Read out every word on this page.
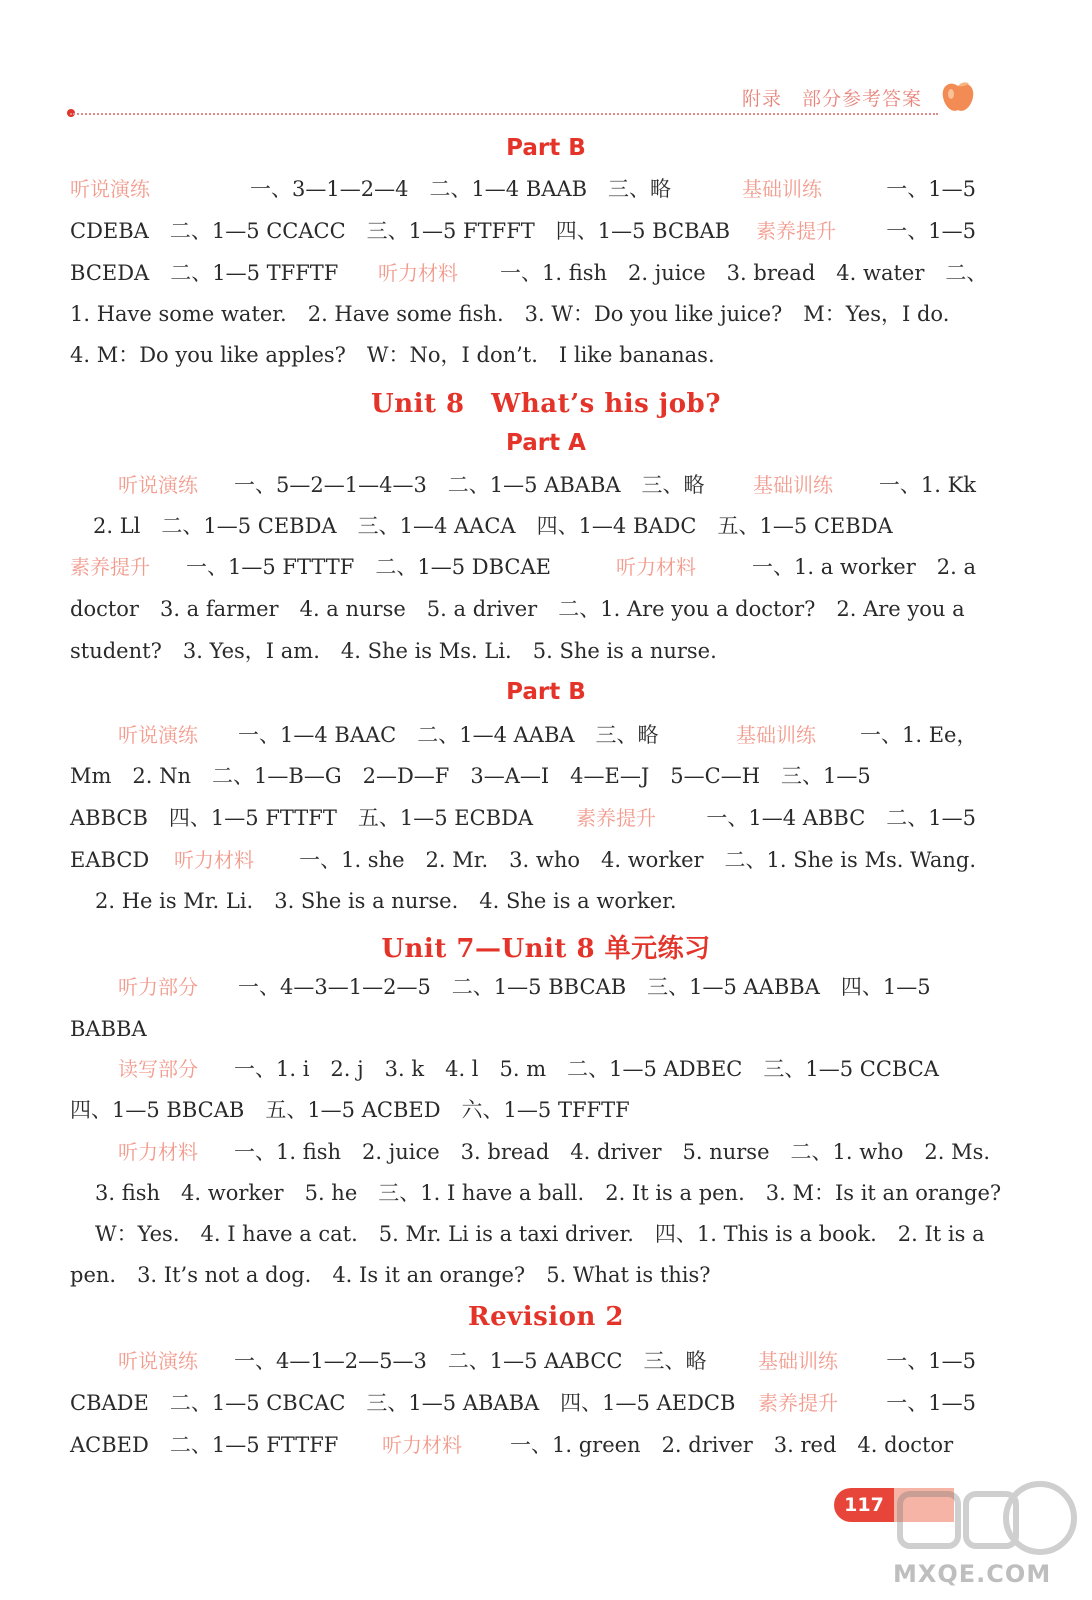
附录 部分参考答案
Part B
听说演练	一、3—1—2—4　二、1—4 BAAB　三、略	基础训练	一、1—5
CDEBA　二、1—5 CCACC　三、1—5 FTFFT　四、1—5 BCBAB 素养提升	一、1—5
BCEDA　二、1—5 TFFTF	听力材料	一、1. fish　2. juice　3. bread　4. water　二、
1. Have some water.　2. Have some fish.　3. W：Do you like juice?　M：Yes，I do.
4. M：Do you like apples?　W：No，I don’t.　I like bananas.
Unit 8　What’s his job?
Part A
听说演练	一、5—2—1—4—3　二、1—5 ABABA　三、略	基础训练	一、1. Kk
2. Ll　二、1—5 CEBDA　三、1—4 AACA　四、1—4 BADC　五、1—5 CEBDA
素养提升	一、1—5 FTTTF　二、1—5 DBCAE	听力材料	一、1. a worker　2. a
doctor　3. a farmer　4. a nurse　5. a driver　二、1. Are you a doctor?　2. Are you a
student?　3. Yes，I am.　4. She is Ms. Li.　5. She is a nurse.
Part B
听说演练	一、1—4 BAAC　二、1—4 AABA　三、略	基础训练	一、1. Ee，
Mm　2. Nn　二、1—B—G　2—D—F　3—A—I　4—E—J　5—C—H　三、1—5
ABBCB　四、1—5 FTTFT　五、1—5 ECBDA	素养提升	一、1—4 ABBC　二、1—5
EABCD	听力材料	一、1. she　2. Mr.　3. who　4. worker　二、1. She is Ms. Wang.
2. He is Mr. Li.　3. She is a nurse.　4. She is a worker.
Unit 7—Unit 8 单元练习
听力部分	一、4—3—1—2—5　二、1—5 BBCAB　三、1—5 AABBA　四、1—5
BABBA
读写部分	一、1. i　2. j　3. k　4. l　5. m　二、1—5 ADBEC　三、1—5 CCBCA
四、1—5 BBCAB　五、1—5 ACBED　六、1—5 TFFTF
听力材料	一、1. fish　2. juice　3. bread　4. driver　5. nurse　二、1. who　2. Ms.
3. fish　4. worker　5. he　三、1. I have a ball.　2. It is a pen.　3. M：Is it an orange?
W：Yes.　4. I have a cat.　5. Mr. Li is a taxi driver.　四、1. This is a book.　2. It is a
pen.　3. It’s not a dog.　4. Is it an orange?　5. What is this?
Revision 2
听说演练	一、4—1—2—5—3　二、1—5 AABCC　三、略	基础训练	一、1—5
CBADE　二、1—5 CBCAC　三、1—5 ABABA　四、1—5 AEDCB 素养提升	一、1—5
ACBED　二、1—5 FTTFF	听力材料	一、1. green　2. driver　3. red　4. doctor
117
MXQE.COM
